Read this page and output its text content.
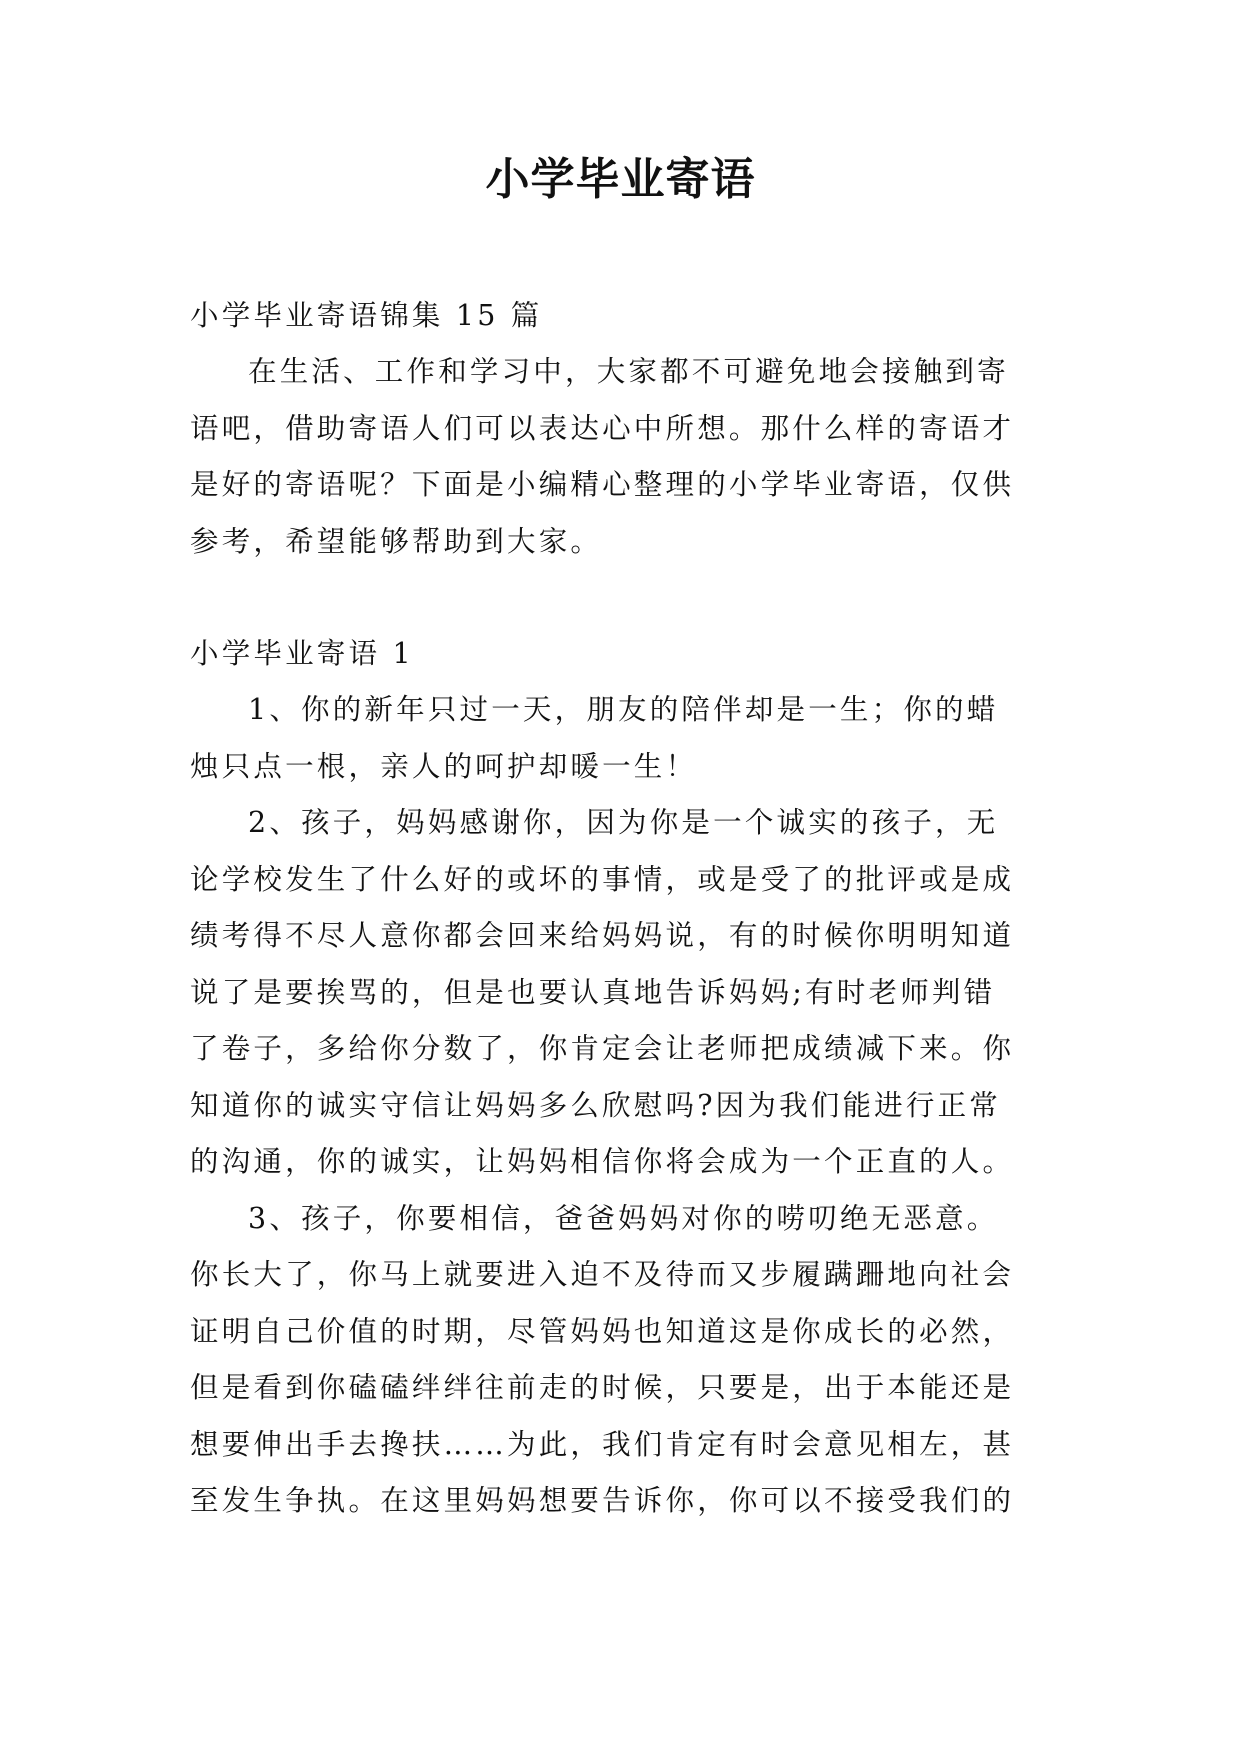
小学毕业寄语
小学毕业寄语锦集 15 篇
在生活、工作和学习中，大家都不可避免地会接触到寄
语吧，借助寄语人们可以表达心中所想。那什么样的寄语才
是好的寄语呢？下面是小编精心整理的小学毕业寄语，仅供
参考，希望能够帮助到大家。
小学毕业寄语 1
1、你的新年只过一天，朋友的陪伴却是一生；你的蜡
烛只点一根，亲人的呵护却暖一生！
2、孩子，妈妈感谢你，因为你是一个诚实的孩子，无
论学校发生了什么好的或坏的事情，或是受了的批评或是成
绩考得不尽人意你都会回来给妈妈说，有的时候你明明知道
说了是要挨骂的，但是也要认真地告诉妈妈;有时老师判错
了卷子，多给你分数了，你肯定会让老师把成绩减下来。你
知道你的诚实守信让妈妈多么欣慰吗?因为我们能进行正常
的沟通，你的诚实，让妈妈相信你将会成为一个正直的人。
3、孩子，你要相信，爸爸妈妈对你的唠叨绝无恶意。
你长大了，你马上就要进入迫不及待而又步履蹒跚地向社会
证明自己价值的时期，尽管妈妈也知道这是你成长的必然，
但是看到你磕磕绊绊往前走的时候，只要是，出于本能还是
想要伸出手去搀扶……为此，我们肯定有时会意见相左，甚
至发生争执。在这里妈妈想要告诉你，你可以不接受我们的
